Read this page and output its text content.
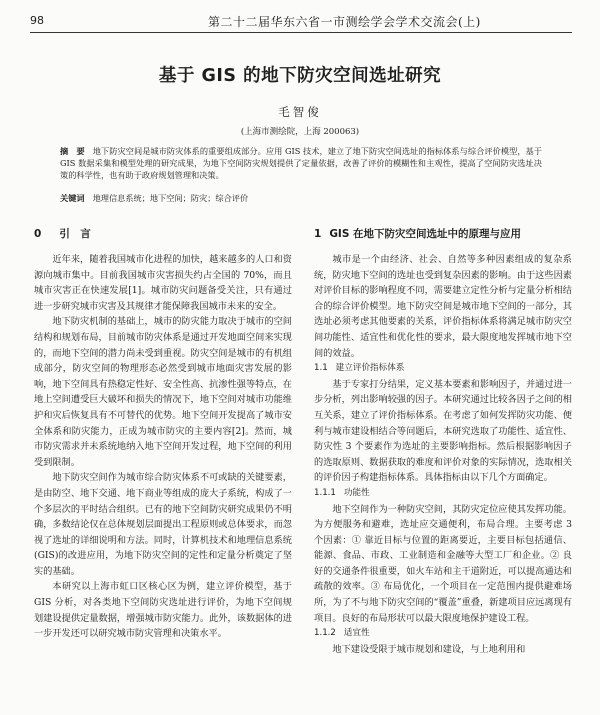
98	第二十二届华东六省一市测绘学会学术交流会(上)
基于 GIS 的地下防灾空间选址研究
毛智俊
(上海市测绘院，上海 200063)
摘　要 地下防灾空间是城市防灾体系的重要组成部分。应用 GIS 技术，建立了地下防灾空间选址的指标体系与综合评价模型，基于 GIS 数据采集和模型处理的研究成果，为地下空间防灾规划提供了定量依据，改善了评价的模糊性和主观性，提高了空间防灾选址决策的科学性，也有助于政府规划管理和决策。
关键词 地理信息系统；地下空间；防灾；综合评价
0 引　言

近年来，随着我国城市化进程的加快，越来越多的人口和资源向城市集中。目前我国城市灾害损失约占全国的 70%，而且城市灾害正在快速发展[1]。城市防灾问题备受关注，只有通过进一步研究城市灾害及其规律才能保障我国城市未来的安全。

地下防灾机制的基础上，城市的防灾能力取决于城市的空间结构和规划布局，目前城市防灾体系是通过开发地面空间来实现的，而地下空间的潜力尚未受到重视。防灾空间是城市的有机组成部分，防灾空间的物理形态必然受到城市地面灾害发展的影响，地下空间具有热稳定性好、安全性高、抗渗性强等特点，在地上空间遭受巨大破坏和损失的情况下，地下空间对城市功能维护和灾后恢复具有不可替代的优势。地下空间开发提高了城市安全体系和防灾能力，正成为城市防灾的主要内容[2]。然而，城市防灾需求并未系统地纳入地下空间开发过程，地下空间的利用受到限制。

地下防灾空间作为城市综合防灾体系不可或缺的关键要素，是由防空、地下交通、地下商业等组成的庞大子系统，构成了一个多层次的平时结合组织。已有的地下空间防灾研究成果仍不明确，多数结论仅在总体规划层面提出工程原则或总体要求，而忽视了选址的详细说明和方法。同时，计算机技术和地理信息系统(GIS)的改进应用，为地下防灾空间的定性和定量分析奠定了坚实的基础。

本研究以上海市虹口区核心区为例，建立评价模型，基于 GIS 分析，对各类地下空间防灾选址进行评价，为地下空间规划建设提供定量数据，增强城市防灾能力。此外，该数据体的进一步开发还可以研究城市防灾管理和决策水平。

1 GIS 在地下防灾空间选址中的原理与应用

城市是一个由经济、社会、自然等多种因素组成的复杂系统，防灾地下空间的选址也受到复杂因素的影响。由于这些因素对评价目标的影响程度不同，需要建立定性分析与定量分析相结合的综合评价模型。地下防灾空间是城市地下空间的一部分，其选址必须考虑其他要素的关系，评价指标体系将满足城市防灾空间功能性、适宜性和优化性的要求，最大限度地发挥城市地下空间的效益。

1.1 建立评价指标体系

基于专家打分结果，定义基本要素和影响因子，并通过进一步分析，列出影响较强的因子。本研究通过比较各因子之间的相互关系，建立了评价指标体系。在考虑了如何发挥防灾功能、便利与城市建设相结合等问题后，本研究选取了功能性、适宜性、防灾性 3 个要素作为选址的主要影响指标。然后根据影响因子的选取原则、数据获取的难度和评价对象的实际情况，选取相关的评价因子构建指标体系。具体指标由以下几个方面确定。

1.1.1 功能性

地下空间作为一种防灾空间，其防灾定位应使其发挥功能。为方便服务和避难，选址应交通便利，布局合理。主要考虑 3 个因素：① 靠近目标与位置的距离要近，主要目标包括通信、能源、食品、市政、工业制造和金融等大型工厂和企业。② 良好的交通条件很重要，如火车站和主干道附近，可以提高通达和疏散的效率。③ 布局优化，一个项目在一定范围内提供避难场所，为了不与地下防灾空间的“覆盖”重叠，新建项目应远离现有项目。良好的布局形状可以最大限度地保护建设工程。

1.1.2 适宜性

地下建设受限于城市规划和建设，与上地利用和
